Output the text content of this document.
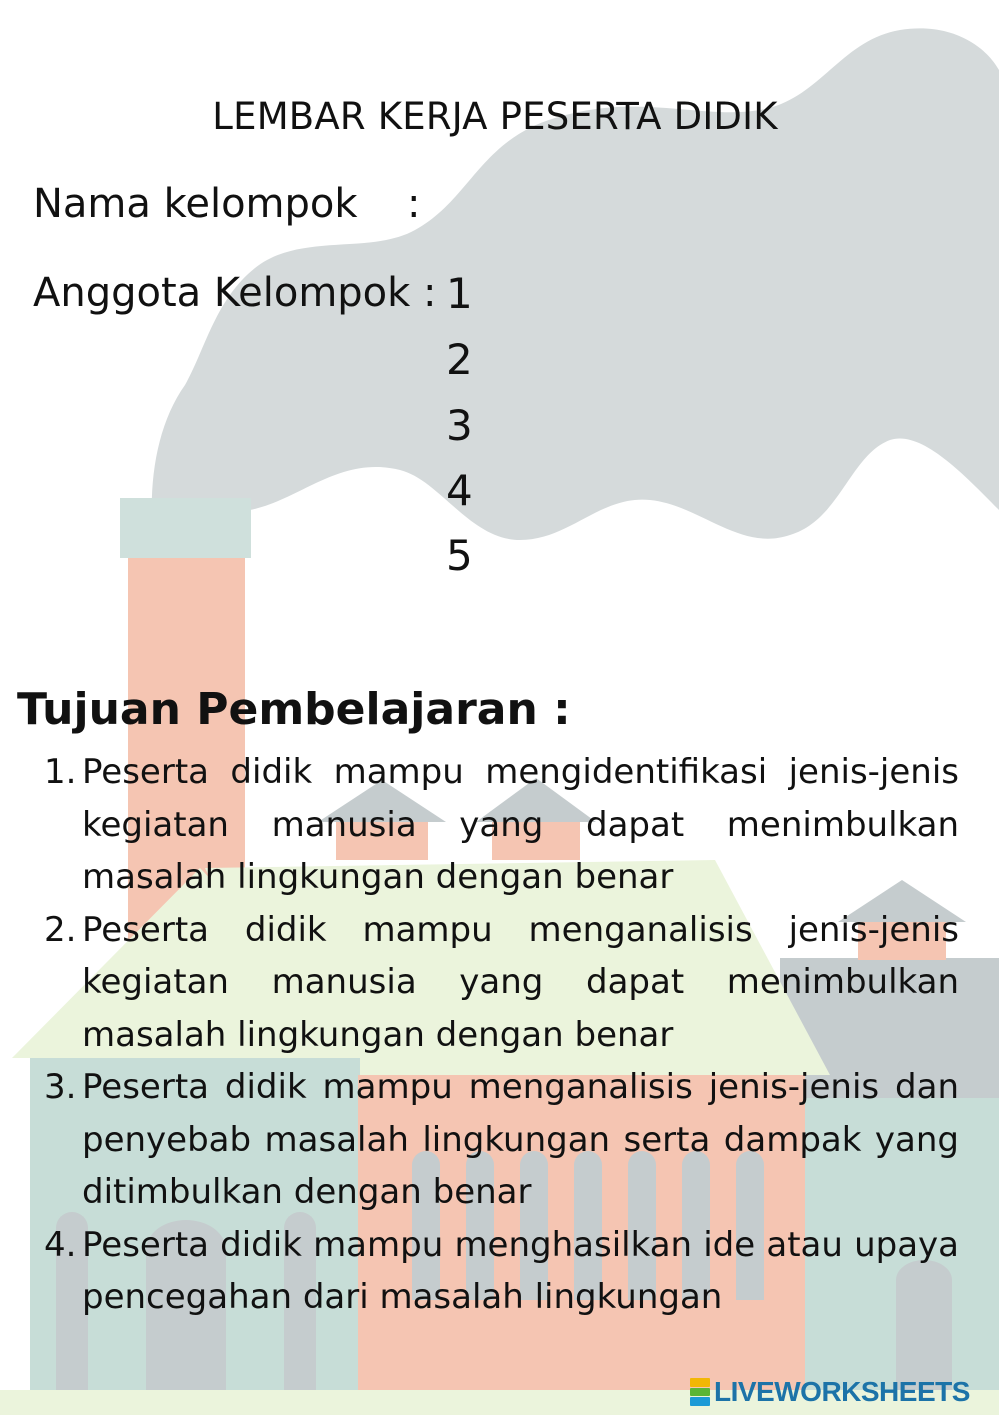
LEMBAR KERJA PESERTA DIDIK
Nama kelompok :
Anggota Kelompok : 1
2
3
4
5
Tujuan Pembelajaran :
1. Peserta didik mampu mengidentifikasi jenis-jenis kegiatan manusia yang dapat menimbulkan masalah lingkungan dengan benar
2. Peserta didik mampu menganalisis jenis-jenis kegiatan manusia yang dapat menimbulkan masalah lingkungan dengan benar
3. Peserta didik mampu menganalisis jenis-jenis dan penyebab masalah lingkungan serta dampak yang ditimbulkan dengan benar
4. Peserta didik mampu menghasilkan ide atau upaya pencegahan dari masalah lingkungan
LIVEWORKSHEETS
